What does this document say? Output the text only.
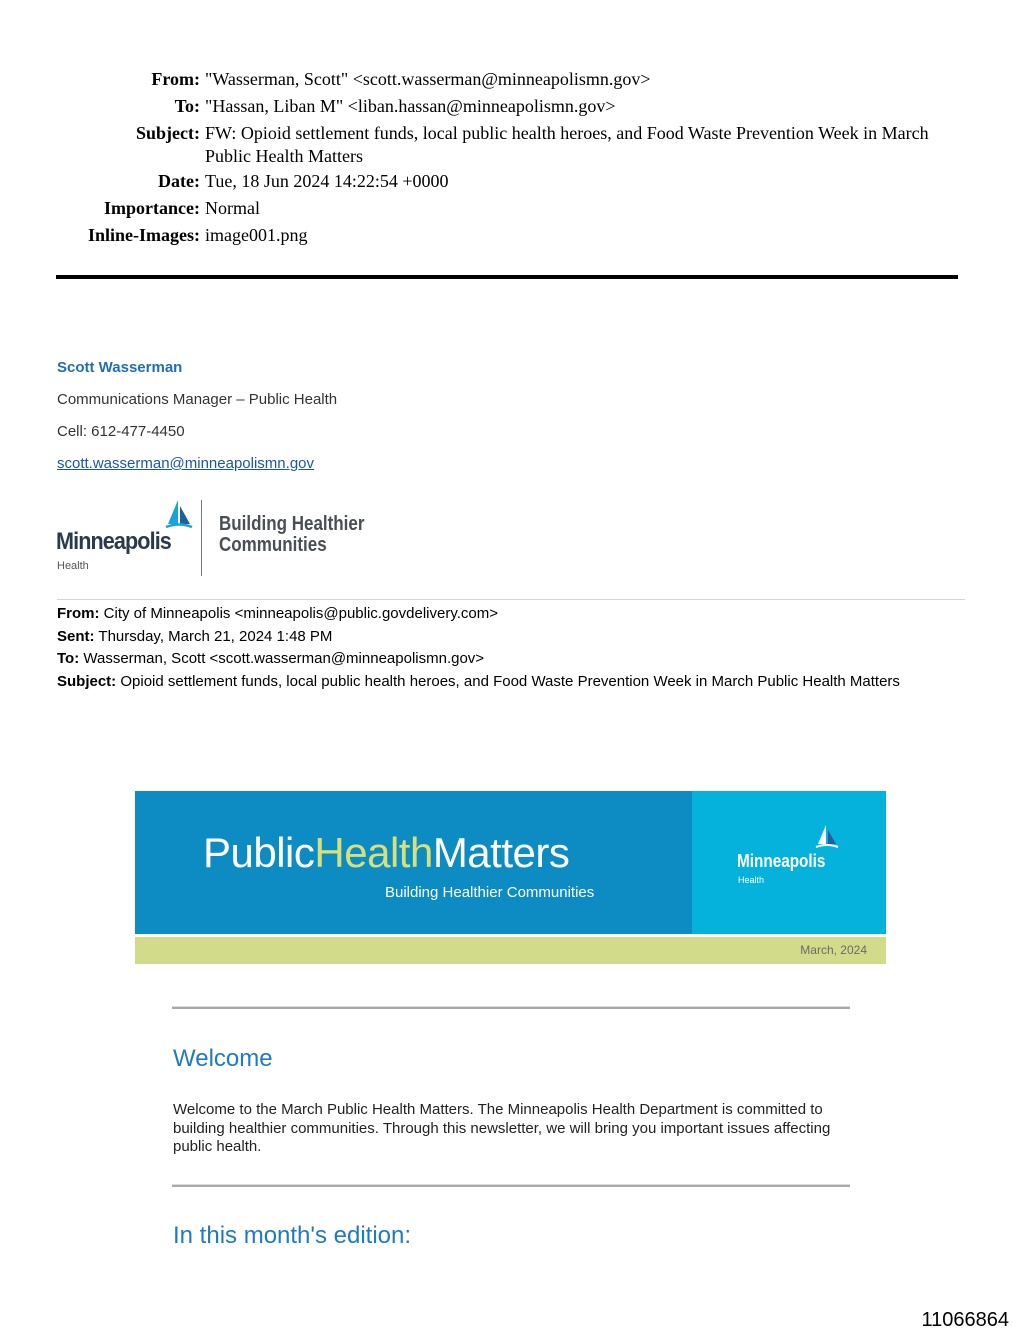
From: "Wasserman, Scott" <scott.wasserman@minneapolismn.gov>
To: "Hassan, Liban M" <liban.hassan@minneapolismn.gov>
Subject: FW: Opioid settlement funds, local public health heroes, and Food Waste Prevention Week in March Public Health Matters
Date: Tue, 18 Jun 2024 14:22:54 +0000
Importance: Normal
Inline-Images: image001.png
Scott Wasserman
Communications Manager – Public Health
Cell: 612-477-4450
scott.wasserman@minneapolismn.gov
Minneapolis
Health
Building Healthier
Communities
From: City of Minneapolis <minneapolis@public.govdelivery.com>
Sent: Thursday, March 21, 2024 1:48 PM
To: Wasserman, Scott <scott.wasserman@minneapolismn.gov>
Subject: Opioid settlement funds, local public health heroes, and Food Waste Prevention Week in March Public Health Matters
PublicHealthMatters
Building Healthier Communities
Minneapolis
Health
March, 2024
Welcome
Welcome to the March Public Health Matters. The Minneapolis Health Department is committed to building healthier communities. Through this newsletter, we will bring you important issues affecting public health.
In this month's edition:
11066864
